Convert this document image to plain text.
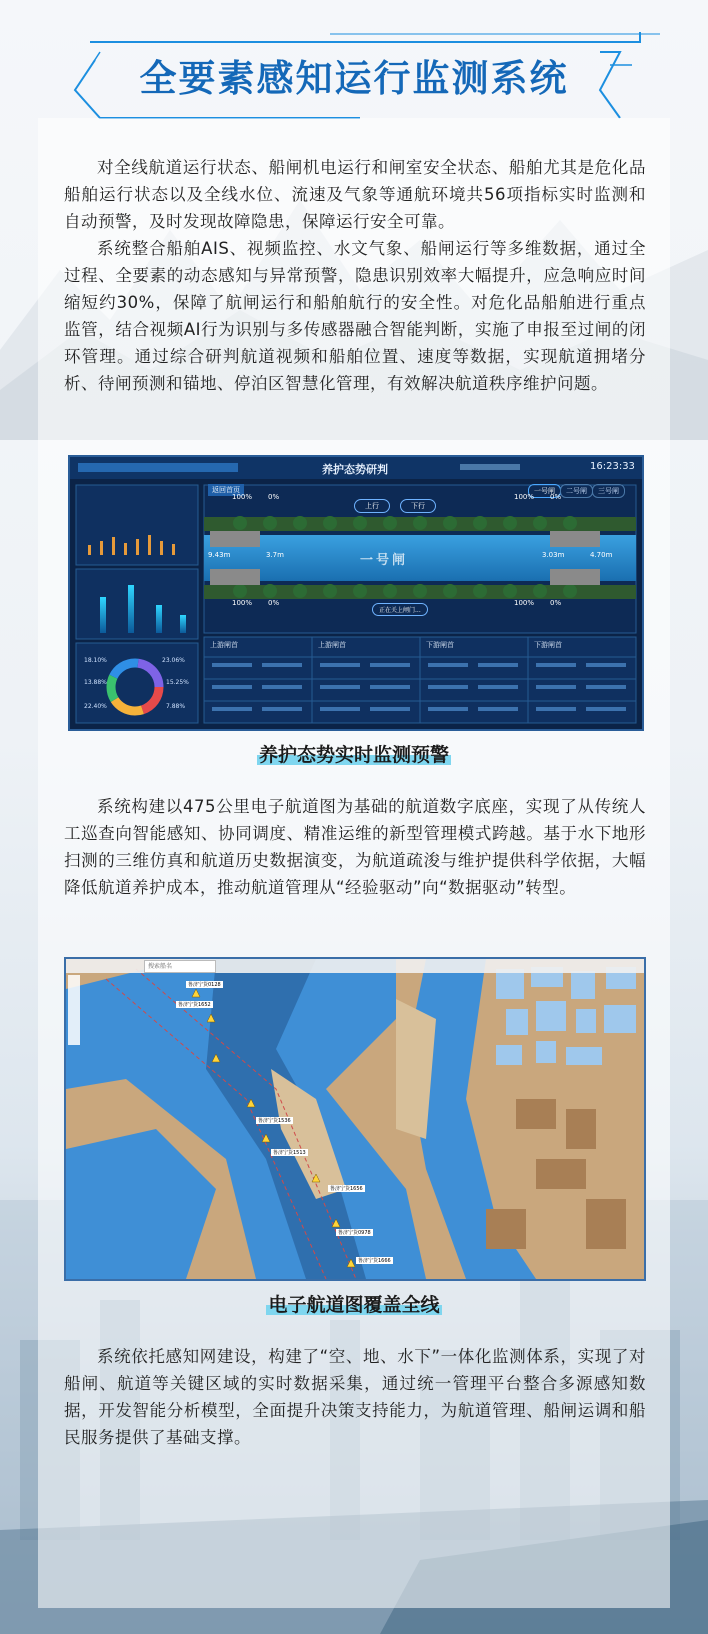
全要素感知运行监测系统
对全线航道运行状态、船闸机电运行和闸室安全状态、船舶尤其是危化品船舶运行状态以及全线水位、流速及气象等通航环境共56项指标实时监测和自动预警，及时发现故障隐患，保障运行安全可靠。
系统整合船舶AIS、视频监控、水文气象、船闸运行等多维数据，通过全过程、全要素的动态感知与异常预警，隐患识别效率大幅提升，应急响应时间缩短约30%，保障了航闸运行和船舶航行的安全性。对危化品船舶进行重点监管，结合视频AI行为识别与多传感器融合智能判断，实施了申报至过闸的闭环管理。通过综合研判航道视频和船舶位置、速度等数据，实现航道拥堵分析、待闸预测和锚地、停泊区智慧化管理，有效解决航道秩序维护问题。
养护态势研判	16:23:33
返回首页	一号闸	二号闸	三号闸
100% 0%	100% 0%
100% 0%	100% 0%
上行	下行
一号闸
9.43m	3.7m	3.03m	4.70m
正在关上闸门...
上游闸首	上游闸首	下游闸首	下游闸首
18.10%	23.06%
13.88%	15.25%
22.40%	7.88%
养护态势实时监测预警
系统构建以475公里电子航道图为基础的航道数字底座，实现了从传统人工巡查向智能感知、协同调度、精准运维的新型管理模式跨越。基于水下地形扫测的三维仿真和航道历史数据演变，为航道疏浚与维护提供科学依据，大幅降低航道养护成本，推动航道管理从“经验驱动”向“数据驱动”转型。
搜索船名
鲁济宁货0128
鲁济宁货1652
鲁济宁货1536
鲁济宁货1513
鲁济宁货1656
鲁济宁货0978
鲁济宁货1666
电子航道图覆盖全线
系统依托感知网建设，构建了“空、地、水下”一体化监测体系，实现了对船闸、航道等关键区域的实时数据采集，通过统一管理平台整合多源感知数据，开发智能分析模型，全面提升决策支持能力，为航道管理、船闸运调和船民服务提供了基础支撑。
